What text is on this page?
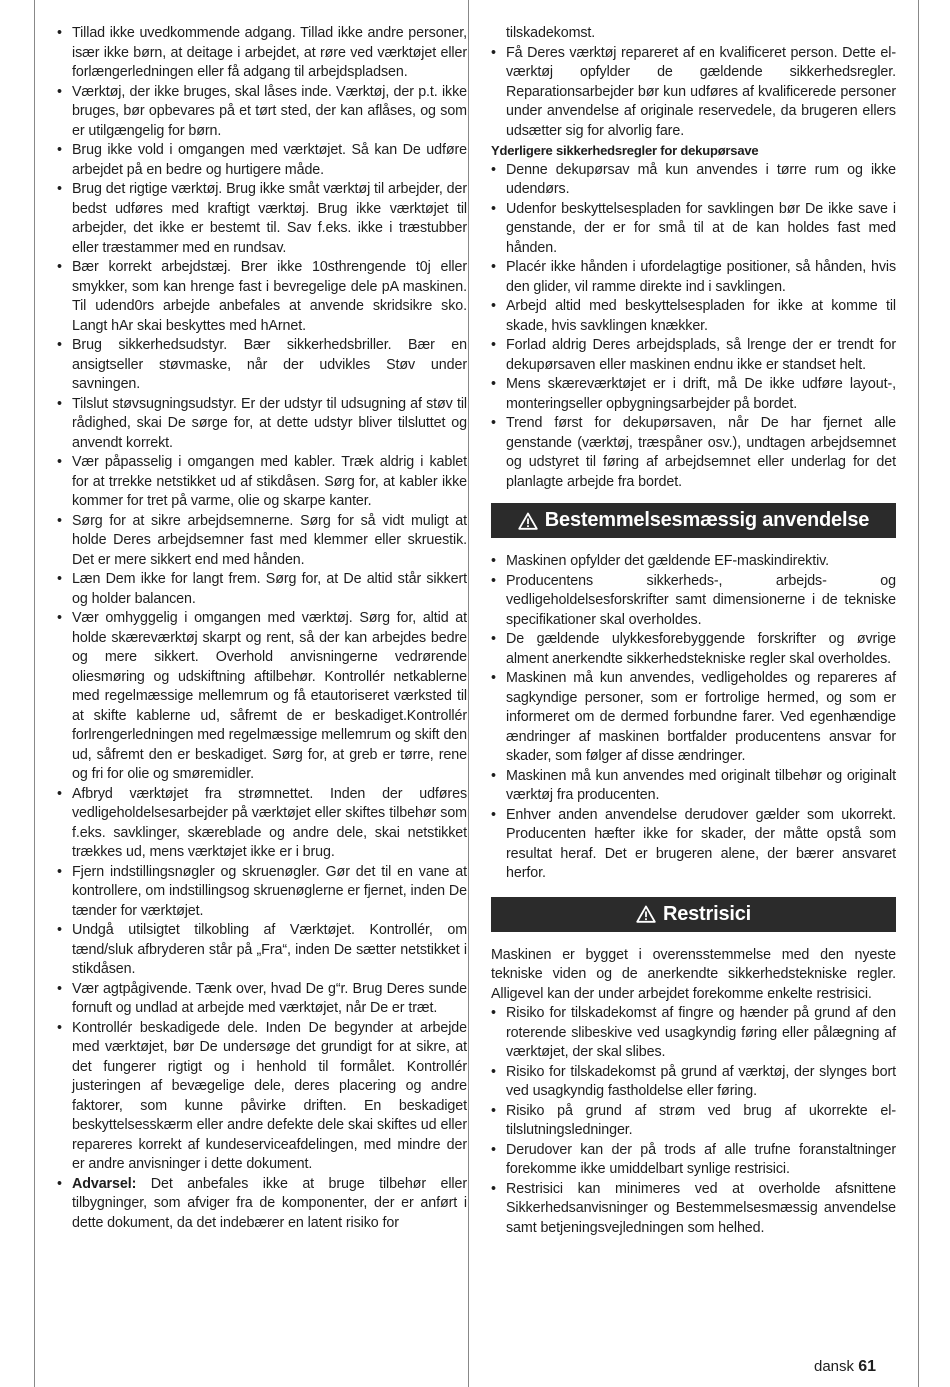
• Tillad ikke uvedkommende adgang. Tillad ikke andre personer, især ikke børn, at deitage i arbejdet, at røre ved værktøjet eller forlængerledningen eller få adgang til arbejdspladsen.
• Værktøj, der ikke bruges, skal låses inde. Værktøj, der p.t. ikke bruges, bør opbevares på et tørt sted, der kan aflåses, og som er utilgængelig for børn.
• Brug ikke vold i omgangen med værktøjet. Så kan De udføre arbejdet på en bedre og hurtigere måde.
• Brug det rigtige værktøj. Brug ikke småt værktøj til arbejder, der bedst udføres med kraftigt værktøj. Brug ikke værktøjet til arbejder, det ikke er bestemt til. Sav f.eks. ikke i træstubber eller træstammer med en rundsav.
• Bær korrekt arbejdstæj. Brer ikke 10sthrengende t0j eller smykker, som kan hrenge fast i bevregelige dele pA maskinen. Til udend0rs arbejde anbefales at anvende skridsikre sko. Langt hAr skai beskyttes med hArnet.
• Brug sikkerhedsudstyr. Bær sikkerhedsbriller. Bær en ansigtseller støvmaske, når der udvikles Støv under savningen.
• Tilslut støvsugningsudstyr. Er der udstyr til udsugning af støv til rådighed, skai De sørge for, at dette udstyr bliver tilsluttet og anvendt korrekt.
• Vær påpasselig i omgangen med kabler. Træk aldrig i kablet for at trrekke netstikket ud af stikdåsen. Sørg for, at kabler ikke kommer for tret på varme, olie og skarpe kanter.
• Sørg for at sikre arbejdsemnerne. Sørg for så vidt muligt at holde Deres arbejdsemner fast med klemmer eller skruestik. Det er mere sikkert end med hånden.
• Læn Dem ikke for langt frem. Sørg for, at De altid står sikkert og holder balancen.
• Vær omhyggelig i omgangen med værktøj. Sørg for, altid at holde skæreværktøj skarpt og rent, så der kan arbejdes bedre og mere sikkert. Overhold anvisningerne vedrørende oliesmøring og udskiftning aftilbehør. Kontrollér netkablerne med regelmæssige mellemrum og få etautoriseret værksted til at skifte kablerne ud, såfremt de er beskadiget.Kontrollér forlrengerledningen med regelmæssige mellemrum og skift den ud, såfremt den er beskadiget. Sørg for, at greb er tørre, rene og fri for olie og smøremidler.
• Afbryd værktøjet fra strømnettet. Inden der udføres vedligeholdelsesarbejder på værktøjet eller skiftes tilbehør som f.eks. savklinger, skæreblade og andre dele, skai netstikket trækkes ud, mens værktøjet ikke er i brug.
• Fjern indstillingsnøgler og skruenøgler. Gør det til en vane at kontrollere, om indstillingsog skruenøglerne er fjernet, inden De tænder for værktøjet.
• Undgå utilsigtet tilkobling af Værktøjet. Kontrollér, om tænd/sluk afbryderen står på „Fra“, inden De sætter netstikket i stikdåsen.
• Vær agtpågivende. Tænk over, hvad De g“r. Brug Deres sunde fornuft og undlad at arbejde med værktøjet, når De er træt.
• Kontrollér beskadigede dele. Inden De begynder at arbejde med værktøjet, bør De undersøge det grundigt for at sikre, at det fungerer rigtigt og i henhold til formålet. Kontrollér justeringen af bevægelige dele, deres placering og andre faktorer, som kunne påvirke driften. En beskadiget beskyttelsesskærm eller andre defekte dele skai skiftes ud eller repareres korrekt af kundeserviceafdelingen, med mindre der er andre anvisninger i dette dokument.
• Advarsel: Det anbefales ikke at bruge tilbehør eller tilbygninger, som afviger fra de komponenter, der er anført i dette dokument, da det indebærer en latent risiko for

tilskadekomst.

• Få Deres værktøj repareret af en kvalificeret person. Dette el-værktøj opfylder de gældende sikkerhedsregler. Reparationsarbejder bør kun udføres af kvalificerede personer under anvendelse af originale reservedele, da brugeren ellers udsætter sig for alvorlig fare.
Yderligere sikkerhedsregler for dekupørsave
• Denne dekupørsav må kun anvendes i tørre rum og ikke udendørs.
• Udenfor beskyttelsespladen for savklingen bør De ikke save i genstande, der er for små til at de kan holdes fast med hånden.
• Placér ikke hånden i ufordelagtige positioner, så hånden, hvis den glider, vil ramme direkte ind i savklingen.
• Arbejd altid med beskyttelsespladen for ikke at komme til skade, hvis savklingen knækker.
• Forlad aldrig Deres arbejdsplads, så lrenge der er trendt for dekupørsaven eller maskinen endnu ikke er standset helt.
• Mens skæreværktøjet er i drift, må De ikke udføre layout-, monteringseller opbygningsarbejder på bordet.
• Trend først for dekupørsaven, når De har fjernet alle genstande (værktøj, træspåner osv.), undtagen arbejdsemnet og udstyret til føring af arbejdsemnet eller underlag for det planlagte arbejde fra bordet.
Bestemmelsesmæssig anvendelse
• Maskinen opfylder det gældende EF-maskindirektiv.
• Producentens sikkerheds-, arbejds- og vedligeholdelsesforskrifter samt dimensionerne i de tekniske specifikationer skal overholdes.
• De gældende ulykkesforebyggende forskrifter og øvrige alment anerkendte sikkerhedstekniske regler skal overholdes.
• Maskinen må kun anvendes, vedligeholdes og repareres af sagkyndige personer, som er fortrolige hermed, og som er informeret om de dermed forbundne farer. Ved egenhændige ændringer af maskinen bortfalder producentens ansvar for skader, som følger af disse ændringer.
• Maskinen må kun anvendes med originalt tilbehør og originalt værktøj fra producenten.
• Enhver anden anvendelse derudover gælder som ukorrekt. Producenten hæfter ikke for skader, der måtte opstå som resultat heraf. Det er brugeren alene, der bærer ansvaret herfor.
Restrisici

Maskinen er bygget i overensstemmelse med den nyeste tekniske viden og de anerkendte sikkerhedstekniske regler. Alligevel kan der under arbejdet forekomme enkelte restrisici.

• Risiko for tilskadekomst af fingre og hænder på grund af den roterende slibeskive ved usagkyndig føring eller pålægning af værktøjet, der skal slibes.
• Risiko for tilskadekomst på grund af værktøj, der slynges bort ved usagkyndig fastholdelse eller føring.
• Risiko på grund af strøm ved brug af ukorrekte el-tilslutningsledninger.
• Derudover kan der på trods af alle trufne foranstaltninger forekomme ikke umiddelbart synlige restrisici.
• Restrisici kan minimeres ved at overholde afsnittene Sikkerhedsanvisninger og Bestemmelsesmæssig anvendelse samt betjeningsvejledningen som helhed.
dansk 61
